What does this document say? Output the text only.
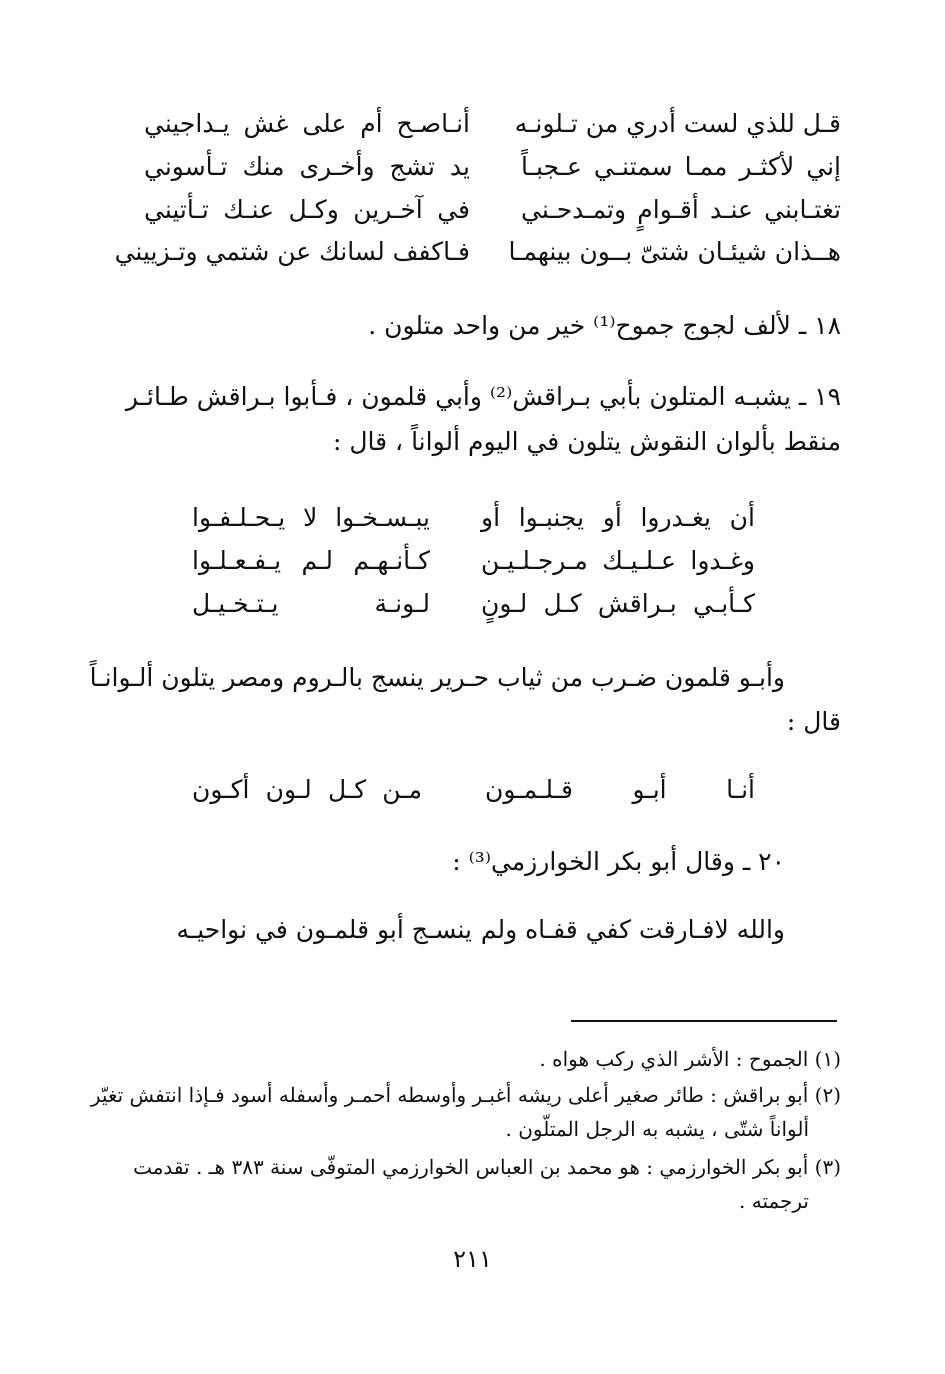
قـل للذي لست أدري من تـلونـه
أنـاصـح أم على غش يـداجيني
إني لأكثـر ممـا سمتنـي عـجبـاً
يد تشج وأخـرى منك تـأسوني
تغتـابني عنـد أقـوامٍ وتمـدحـني
في آخـرين وكـل عنـك تـأتيني
هــذان شيئـان شتىّ بــون بينهمـا
فـاكفف لسانك عن شتمي وتـزييني
١٨ ـ لألف لجوج جموح⁽¹⁾ خير من واحد متلون .
١٩ ـ يشبـه المتلون بأبي بـراقش⁽²⁾ وأبي قلمون ، فـأبوا بـراقش طـائـر
منقط بألوان النقوش يتلون في اليوم ألواناً ، قال :
أن يغـدروا أو يجنبـوا أو
يبـسـخـوا لا يـحـلـفـوا
وغـدوا عـلـيـك مـرجـلـيـن
كـأنـهـم لـم يـفـعـلـوا
كـأبـي بـراقش كـل لـونٍ
لـونـة يـتـخـيـل
وأبـو قلمون ضـرب من ثياب حـرير ينسج بالـروم ومصر يتلون ألـوانـاً
قال :
أنـا أبـو قـلـمـون
مـن كـل لـون أكـون
٢٠ ـ وقال أبو بكر الخوارزمي⁽³⁾ :
والله لافـارقت كفي قفـاه ولم
ينسـج أبو قلمـون في نواحيـه
(١) الجموح : الأشر الذي ركب هواه .
(٢) أبو براقش : طائر صغير أعلى ريشه أغبـر وأوسطه أحمـر وأسفله أسود فـإذا انتفش تغيّر
ألواناً شتّى ، يشبه به الرجل المتلّون .
(٣) أبو بكر الخوارزمي : هو محمد بن العباس الخوارزمي المتوفّى سنة ٣٨٣ هـ . تقدمت
ترجمته .
٢١١
